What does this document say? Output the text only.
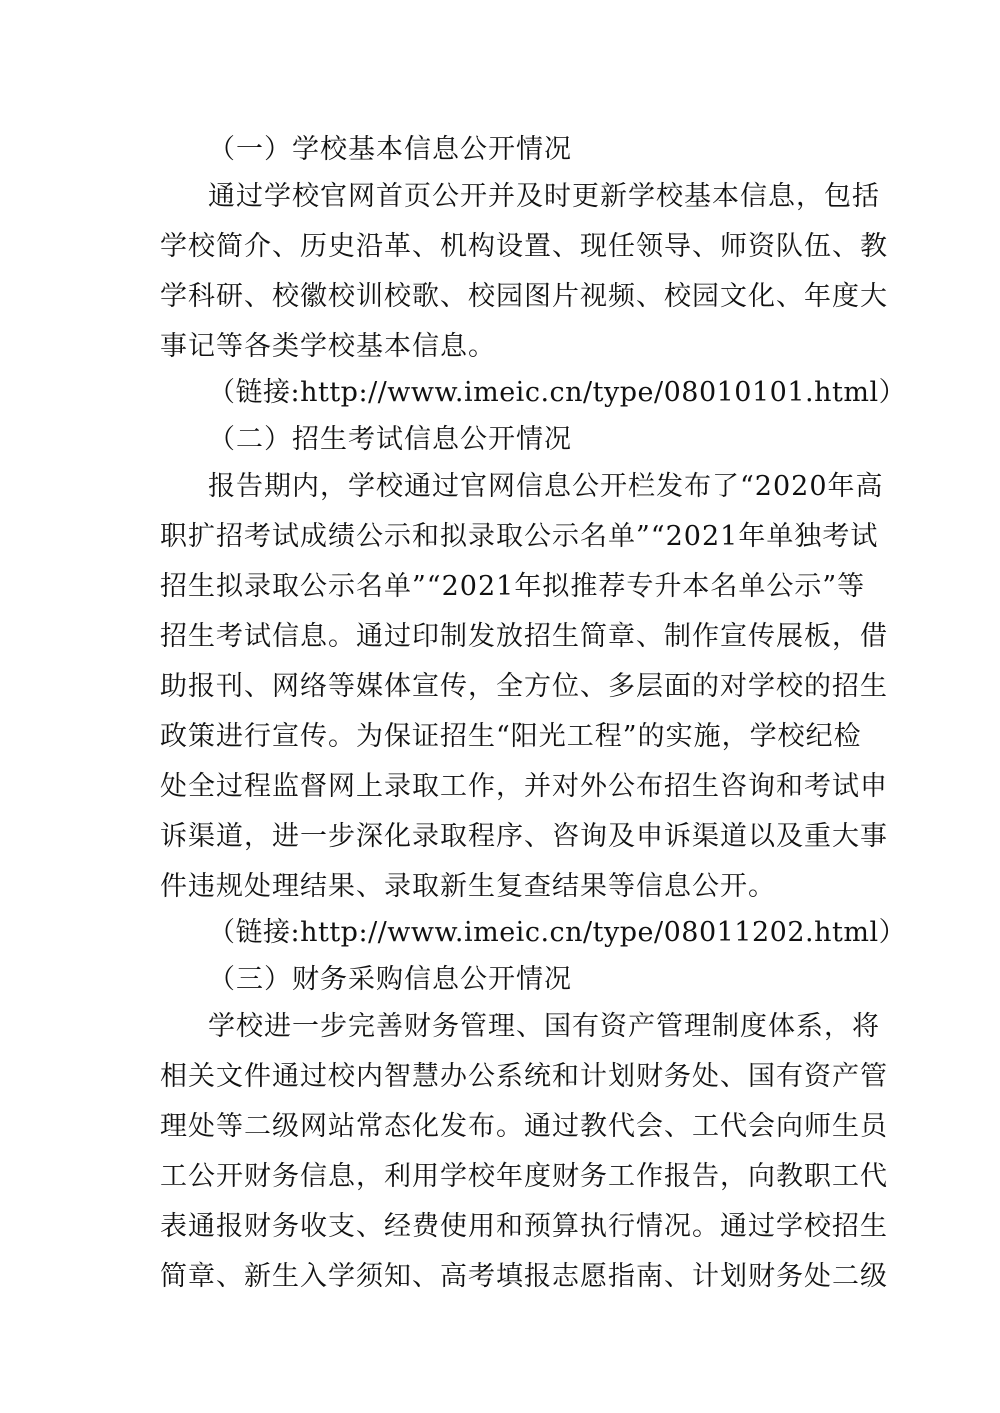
（一）学校基本信息公开情况
通过学校官网首页公开并及时更新学校基本信息，包括
学校简介、历史沿革、机构设置、现任领导、师资队伍、教
学科研、校徽校训校歌、校园图片视频、校园文化、年度大
事记等各类学校基本信息。
（链接:http://www.imeic.cn/type/08010101.html）
（二）招生考试信息公开情况
报告期内，学校通过官网信息公开栏发布了“2020年高
职扩招考试成绩公示和拟录取公示名单”“2021年单独考试
招生拟录取公示名单”“2021年拟推荐专升本名单公示”等
招生考试信息。通过印制发放招生简章、制作宣传展板，借
助报刊、网络等媒体宣传，全方位、多层面的对学校的招生
政策进行宣传。为保证招生“阳光工程”的实施，学校纪检
处全过程监督网上录取工作，并对外公布招生咨询和考试申
诉渠道，进一步深化录取程序、咨询及申诉渠道以及重大事
件违规处理结果、录取新生复查结果等信息公开。
（链接:http://www.imeic.cn/type/08011202.html）
（三）财务采购信息公开情况
学校进一步完善财务管理、国有资产管理制度体系，将
相关文件通过校内智慧办公系统和计划财务处、国有资产管
理处等二级网站常态化发布。通过教代会、工代会向师生员
工公开财务信息，利用学校年度财务工作报告，向教职工代
表通报财务收支、经费使用和预算执行情况。通过学校招生
简章、新生入学须知、高考填报志愿指南、计划财务处二级
